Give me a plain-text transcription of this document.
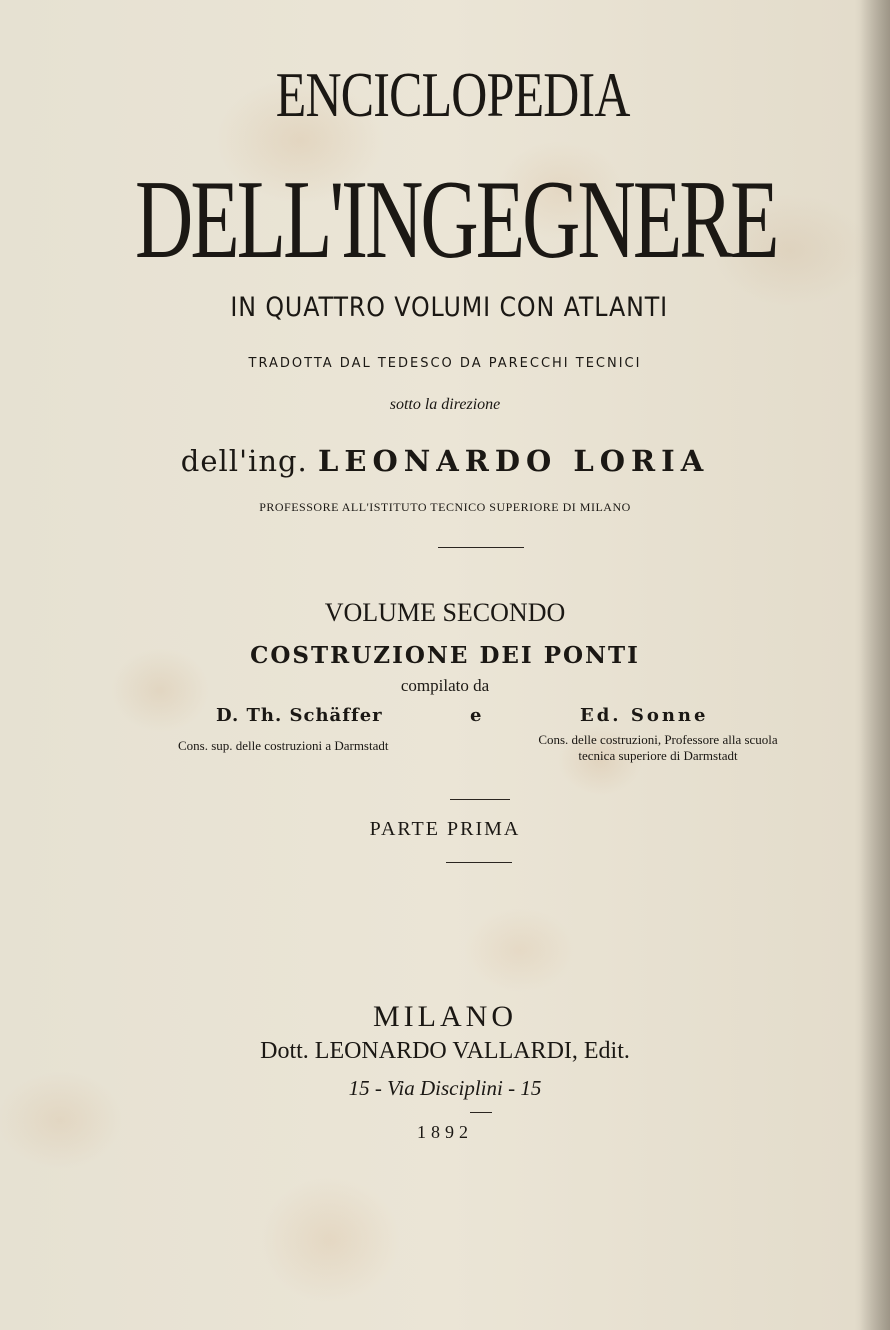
ENCICLOPEDIA
DELL'INGEGNERE
IN QUATTRO VOLUMI CON ATLANTI
TRADOTTA DAL TEDESCO DA PARECCHI TECNICI
sotto la direzione
dell'ing. LEONARDO LORIA
PROFESSORE ALL'ISTITUTO TECNICO SUPERIORE DI MILANO
VOLUME SECONDO
COSTRUZIONE DEI PONTI
compilato da
D. Th. Schäffer	e	Ed. Sonne
Cons. sup. delle costruzioni a Darmstadt	Cons. delle costruzioni, Professore alla scuola
tecnica superiore di Darmstadt
PARTE PRIMA
MILANO
Dott. LEONARDO VALLARDI, Edit.
15 - Via Disciplini - 15
1892
